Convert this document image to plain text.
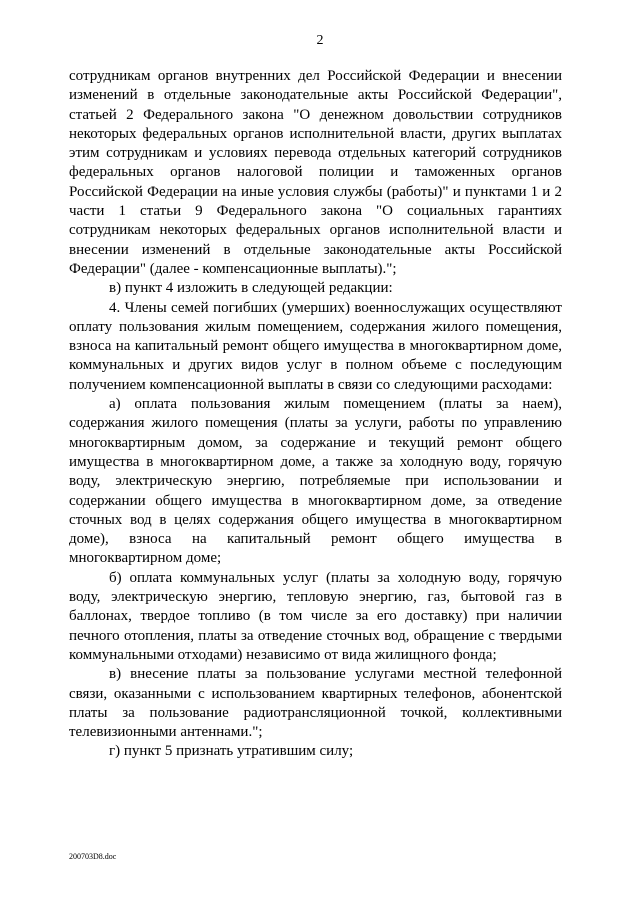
2

сотрудникам органов внутренних дел Российской Федерации и внесении изменений в отдельные законодательные акты Российской Федерации", статьей 2 Федерального закона "О денежном довольствии сотрудников некоторых федеральных органов исполнительной власти, других выплатах этим сотрудникам и условиях перевода отдельных категорий сотрудников федеральных органов налоговой полиции и таможенных органов Российской Федерации на иные условия службы (работы)" и пунктами 1 и 2 части 1 статьи 9 Федерального закона "О социальных гарантиях сотрудникам некоторых федеральных органов исполнительной власти и внесении изменений в отдельные законодательные акты Российской Федерации" (далее - компенсационные выплаты).";

в) пункт 4 изложить в следующей редакции:

4. Члены семей погибших (умерших) военнослужащих осуществляют оплату пользования жилым помещением, содержания жилого помещения, взноса на капитальный ремонт общего имущества в многоквартирном доме, коммунальных и других видов услуг в полном объеме с последующим получением компенсационной выплаты в связи со следующими расходами:

а) оплата пользования жилым помещением (платы за наем), содержания жилого помещения (платы за услуги, работы по управлению многоквартирным домом, за содержание и текущий ремонт общего имущества в многоквартирном доме, а также за холодную воду, горячую воду, электрическую энергию, потребляемые при использовании и содержании общего имущества в многоквартирном доме, за отведение сточных вод в целях содержания общего имущества в многоквартирном доме), взноса на капитальный ремонт общего имущества в многоквартирном доме;

б) оплата коммунальных услуг (платы за холодную воду, горячую воду, электрическую энергию, тепловую энергию, газ, бытовой газ в баллонах, твердое топливо (в том числе за его доставку) при наличии печного отопления, платы за отведение сточных вод, обращение с твердыми коммунальными отходами) независимо от вида жилищного фонда;

в) внесение платы за пользование услугами местной телефонной связи, оказанными с использованием квартирных телефонов, абонентской платы за пользование радиотрансляционной точкой, коллективными телевизионными антеннами.";

г) пункт 5 признать утратившим силу;

200703D8.doc
